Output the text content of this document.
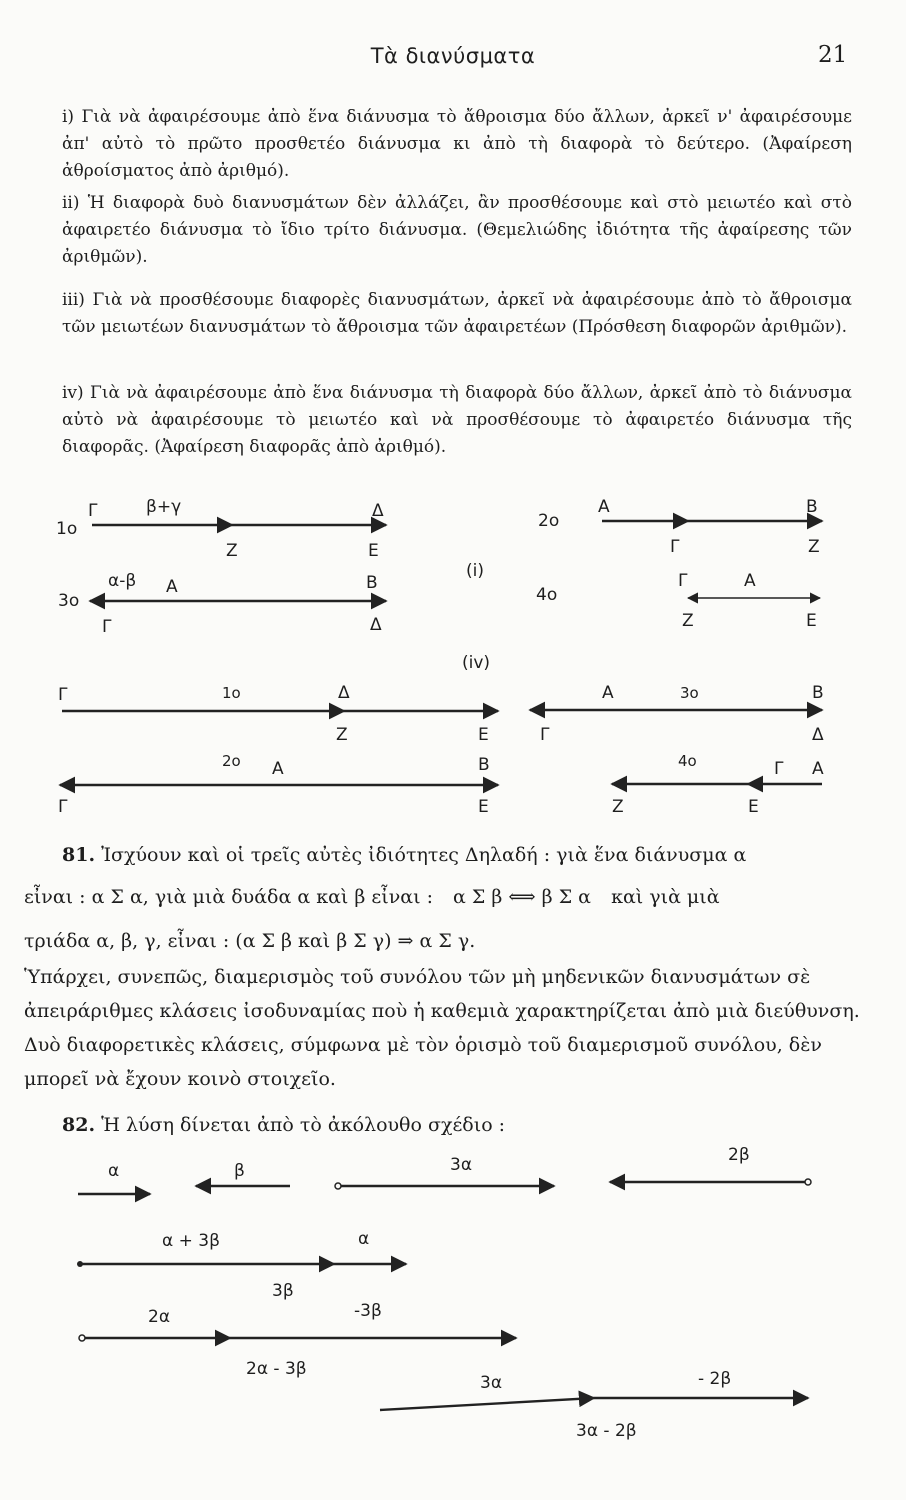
Τὰ διανύσματα	21
i) Γιὰ νὰ ἀφαιρέσουμε ἀπὸ ἕνα διάνυσμα τὸ ἄθροισμα δύο ἄλλων, ἀρκεῖ ν' ἀφαιρέσουμε ἀπ' αὐτὸ τὸ πρῶτο προσθετέο διάνυσμα κι ἀπὸ τὴ διαφορὰ τὸ δεύτερο. (Ἀφαίρεση ἀθροίσματος ἀπὸ ἀριθμό).
ii) Ἡ διαφορὰ δυὸ διανυσμάτων δὲν ἀλλάζει, ἂν προσθέσουμε καὶ στὸ μειωτέο καὶ στὸ ἀφαιρετέο διάνυσμα τὸ ἴδιο τρίτο διάνυσμα. (Θεμελιώδης ἰδιότητα τῆς ἀφαίρεσης τῶν ἀριθμῶν).
iii) Γιὰ νὰ προσθέσουμε διαφορὲς διανυσμάτων, ἀρκεῖ νὰ ἀφαιρέσουμε ἀπὸ τὸ ἄθροισμα τῶν μειωτέων διανυσμάτων τὸ ἄθροισμα τῶν ἀφαιρετέων (Πρόσθεση διαφορῶν ἀριθμῶν).
iv) Γιὰ νὰ ἀφαιρέσουμε ἀπὸ ἕνα διάνυσμα τὴ διαφορὰ δύο ἄλλων, ἀρκεῖ ἀπὸ τὸ διάνυσμα αὐτὸ νὰ ἀφαιρέσουμε τὸ μειωτέο καὶ νὰ προσθέσουμε τὸ ἀφαιρετέο διάνυσμα τῆς διαφορᾶς. (Ἀφαίρεση διαφορᾶς ἀπὸ ἀριθμό).
1ο
Γ	β+γ	Δ
Ζ	Ε
α-β Α	Β
3ο
Γ	Δ
(i)
2ο
Α	Β
Γ	Ζ
4ο
Γ	Α
Ζ	Ε
(iv)
Γ	1ο	Δ
Ζ	Ε
2ο Α	Β
Γ	Ε
Α	3ο	Β
Γ	Δ
4ο	Γ Α
Ζ	Ε
α	β	3α	2β
α + 3β	α
3β
2α	-3β
2α - 3β
3α	- 2β
3α - 2β
81. Ἰσχύουν καὶ οἱ τρεῖς αὐτὲς ἰδιότητες Δηλαδή : γιὰ ἕνα διάνυσμα α
εἶναι : α Σ α, γιὰ μιὰ δυάδα α καὶ β εἶναι : α Σ β ⟺ β Σ α καὶ γιὰ μιὰ
τριάδα α, β, γ, εἶναι : (α Σ β καὶ β Σ γ) ⇒ α Σ γ.
Ὑπάρχει, συνεπῶς, διαμερισμὸς τοῦ συνόλου τῶν μὴ μηδενικῶν διανυσμάτων σὲ ἀπειράριθμες κλάσεις ἰσοδυναμίας ποὺ ἡ καθεμιὰ χαρακτηρίζεται ἀπὸ μιὰ διεύθυνση. Δυὸ διαφορετικὲς κλάσεις, σύμφωνα μὲ τὸν ὁρισμὸ τοῦ διαμερισμοῦ συνόλου, δὲν μπορεῖ νὰ ἔχουν κοινὸ στοιχεῖο.
82. Ἡ λύση δίνεται ἀπὸ τὸ ἀκόλουθο σχέδιο :
